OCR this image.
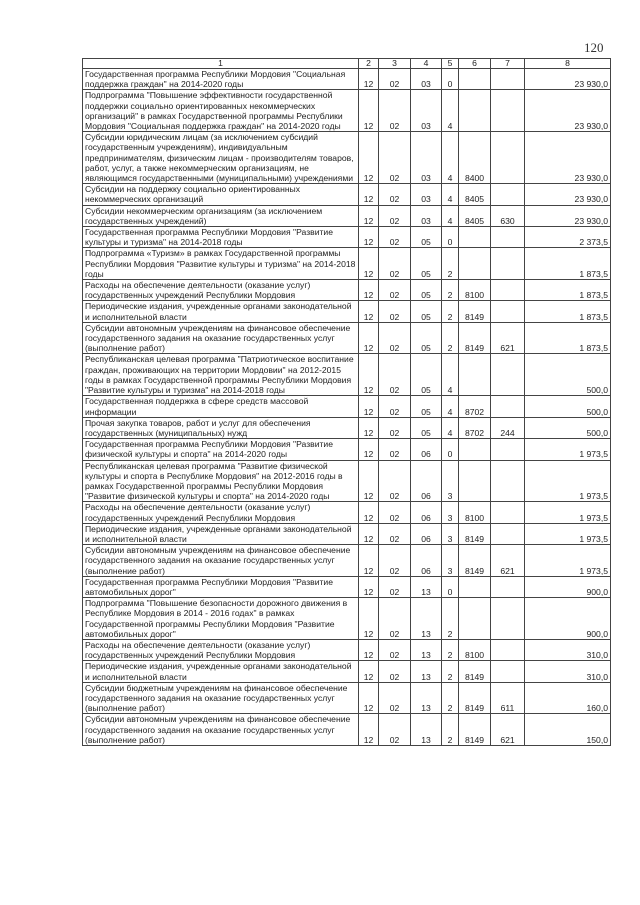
120
1	2	3	4	5	6	7	8
Государственная программа Республики Мордовия "Социальная поддержка граждан" на 2014-2020 годы	12	02	03	0			23 930,0
Подпрограмма "Повышение эффективности государственной поддержки социально ориентированных некоммерческих организаций" в рамках Государственной программы Республики Мордовия "Социальная поддержка граждан" на 2014-2020 годы	12	02	03	4			23 930,0
Субсидии юридическим лицам (за исключением субсидий государственным учреждениям), индивидуальным предпринимателям, физическим лицам - производителям товаров, работ, услуг, а также некоммерческим организациям, не являющимся государственными (муниципальными) учреждениями	12	02	03	4	8400		23 930,0
Субсидии на поддержку социально ориентированных некоммерческих организаций	12	02	03	4	8405		23 930,0
Субсидии некоммерческим организациям (за исключением государственных учреждений)	12	02	03	4	8405	630	23 930,0
Государственная программа Республики Мордовия "Развитие культуры и туризма" на 2014-2018 годы	12	02	05	0			2 373,5
Подпрограмма «Туризм» в рамках Государственной программы Республики Мордовия "Развитие культуры и туризма" на 2014-2018 годы	12	02	05	2			1 873,5
Расходы на обеспечение деятельности (оказание услуг) государственных учреждений Республики Мордовия	12	02	05	2	8100		1 873,5
Периодические издания, учрежденные органами законодательной и исполнительной власти	12	02	05	2	8149		1 873,5
Субсидии автономным учреждениям на финансовое обеспечение государственного задания на оказание государственных услуг (выполнение работ)	12	02	05	2	8149	621	1 873,5
Республиканская целевая программа "Патриотическое воспитание граждан, проживающих на территории Мордовии" на 2012-2015 годы в рамках Государственной программы Республики Мордовия "Развитие культуры и туризма" на 2014-2018 годы	12	02	05	4			500,0
Государственная поддержка в сфере средств массовой информации	12	02	05	4	8702		500,0
Прочая закупка товаров, работ и услуг для обеспечения государственных (муниципальных) нужд	12	02	05	4	8702	244	500,0
Государственная программа Республики Мордовия "Развитие физической культуры и спорта" на 2014-2020 годы	12	02	06	0			1 973,5
Республиканская целевая программа "Развитие физической культуры и спорта в Республике Мордовия" на 2012-2016 годы в рамках Государственной программы Республики Мордовия "Развитие физической культуры и спорта" на 2014-2020 годы	12	02	06	3			1 973,5
Расходы на обеспечение деятельности (оказание услуг) государственных учреждений Республики Мордовия	12	02	06	3	8100		1 973,5
Периодические издания, учрежденные органами законодательной и исполнительной власти	12	02	06	3	8149		1 973,5
Субсидии автономным учреждениям на финансовое обеспечение государственного задания на оказание государственных услуг (выполнение работ)	12	02	06	3	8149	621	1 973,5
Государственная программа Республики Мордовия "Развитие автомобильных дорог"	12	02	13	0			900,0
Подпрограмма "Повышение безопасности дорожного движения в Республике Мордовия в 2014 - 2016 годах" в рамках Государственной программы Республики Мордовия "Развитие автомобильных дорог"	12	02	13	2			900,0
Расходы на обеспечение деятельности (оказание услуг) государственных учреждений Республики Мордовия	12	02	13	2	8100		310,0
Периодические издания, учрежденные органами законодательной и исполнительной власти	12	02	13	2	8149		310,0
Субсидии бюджетным учреждениям на финансовое обеспечение государственного задания на оказание государственных услуг (выполнение работ)	12	02	13	2	8149	611	160,0
Субсидии автономным учреждениям на финансовое обеспечение государственного задания на оказание государственных услуг (выполнение работ)	12	02	13	2	8149	621	150,0
